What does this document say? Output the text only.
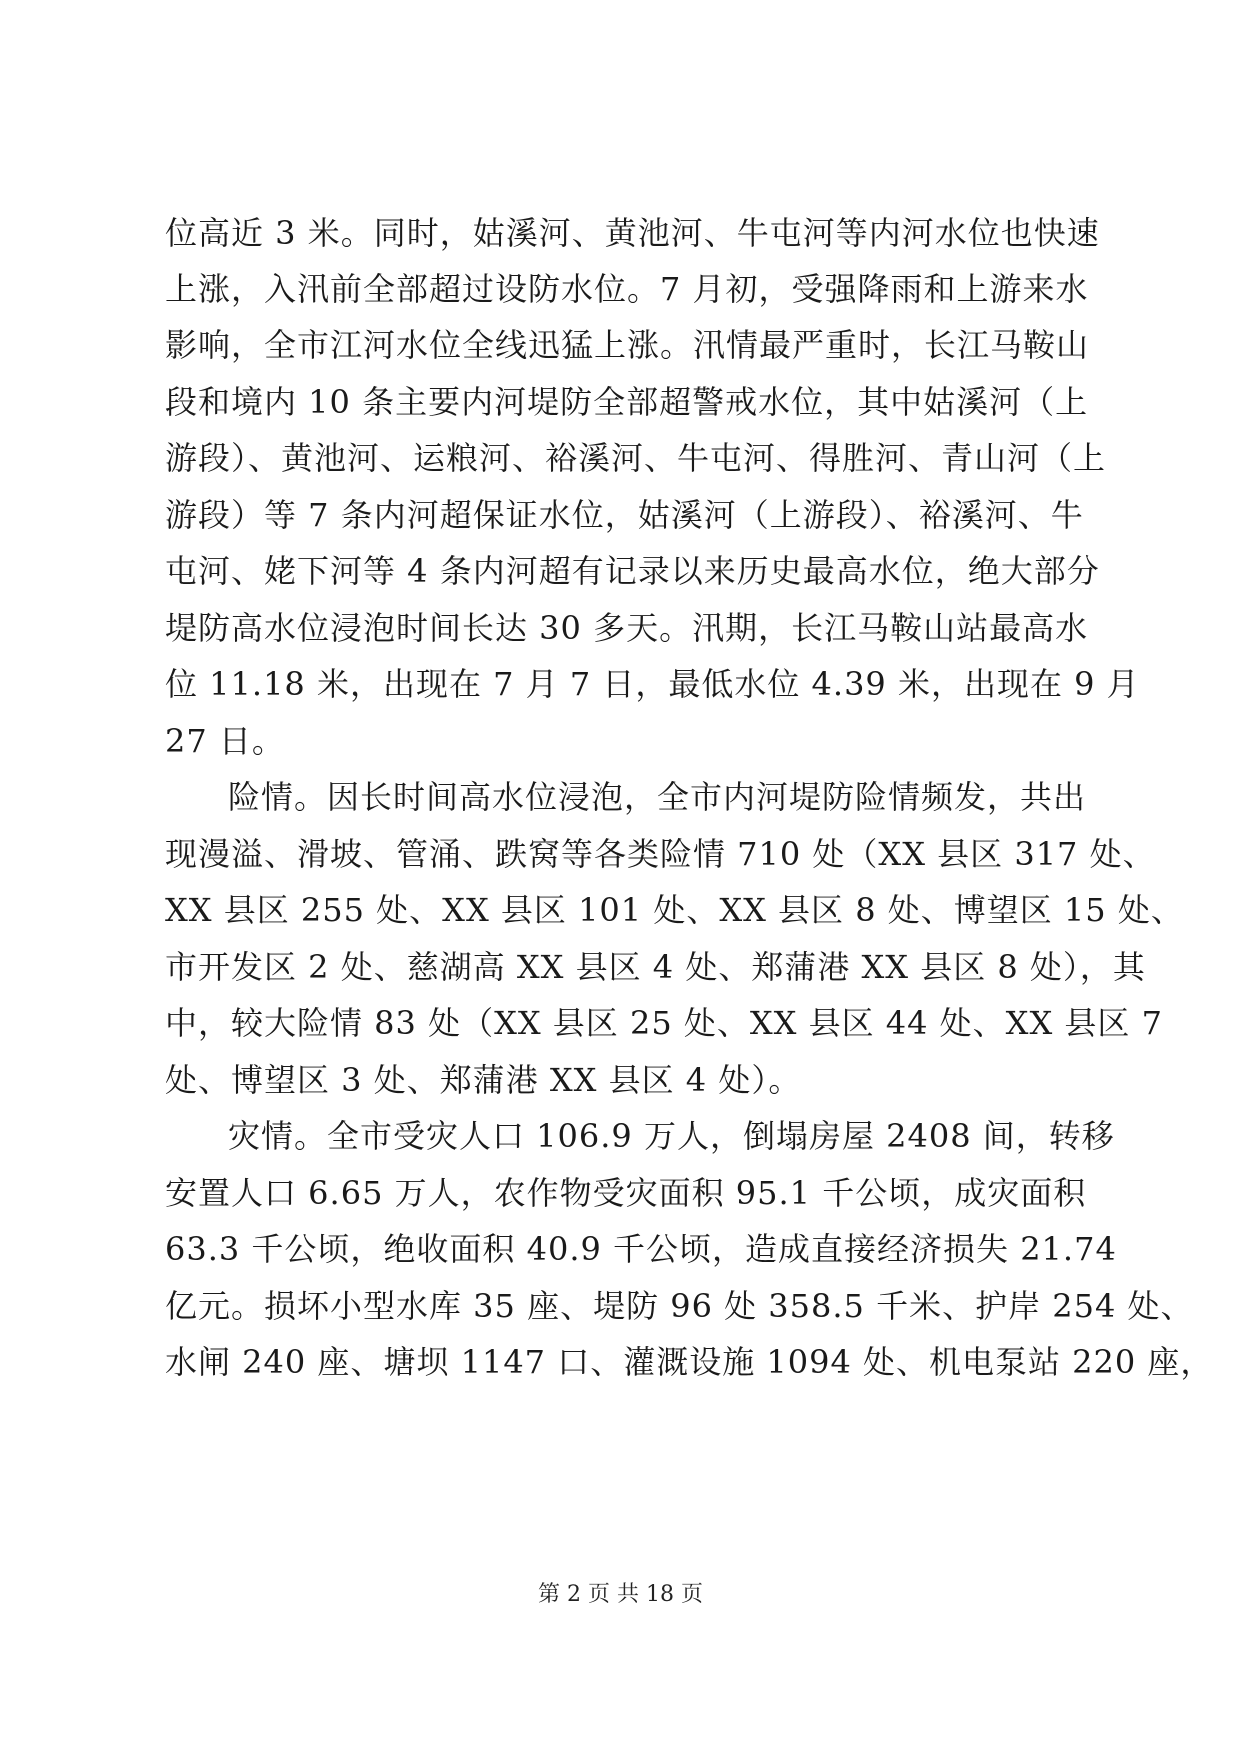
位高近 3 米。同时，姑溪河、黄池河、牛屯河等内河水位也快速
上涨，入汛前全部超过设防水位。7 月初，受强降雨和上游来水
影响，全市江河水位全线迅猛上涨。汛情最严重时，长江马鞍山
段和境内 10 条主要内河堤防全部超警戒水位，其中姑溪河（上
游段）、黄池河、运粮河、裕溪河、牛屯河、得胜河、青山河（上
游段）等 7 条内河超保证水位，姑溪河（上游段）、裕溪河、牛
屯河、姥下河等 4 条内河超有记录以来历史最高水位，绝大部分
堤防高水位浸泡时间长达 30 多天。汛期，长江马鞍山站最高水
位 11.18 米，出现在 7 月 7 日，最低水位 4.39 米，出现在 9 月
27 日。
险情。因长时间高水位浸泡，全市内河堤防险情频发，共出
现漫溢、滑坡、管涌、跌窝等各类险情 710 处（XX 县区 317 处、
XX 县区 255 处、XX 县区 101 处、XX 县区 8 处、博望区 15 处、
市开发区 2 处、慈湖高 XX 县区 4 处、郑蒲港 XX 县区 8 处），其
中，较大险情 83 处（XX 县区 25 处、XX 县区 44 处、XX 县区 7
处、博望区 3 处、郑蒲港 XX 县区 4 处）。
灾情。全市受灾人口 106.9 万人，倒塌房屋 2408 间，转移
安置人口 6.65 万人，农作物受灾面积 95.1 千公顷，成灾面积
63.3 千公顷，绝收面积 40.9 千公顷，造成直接经济损失 21.74
亿元。损坏小型水库 35 座、堤防 96 处 358.5 千米、护岸 254 处、
水闸 240 座、塘坝 1147 口、灌溉设施 1094 处、机电泵站 220 座，
第 2 页 共 18 页
